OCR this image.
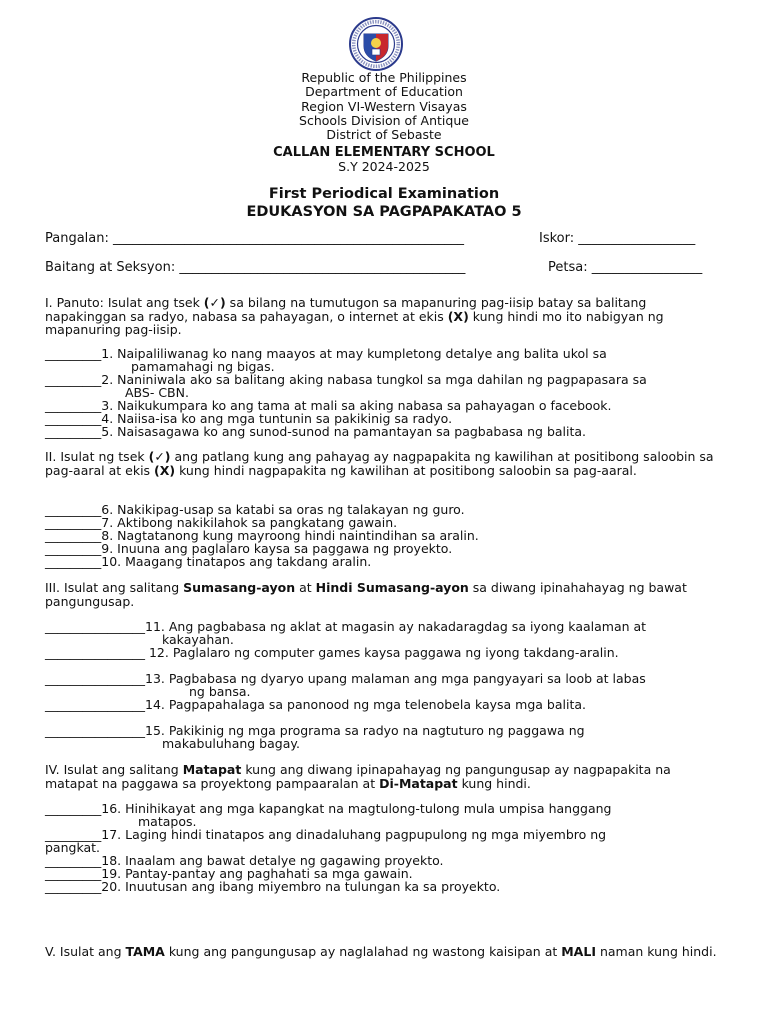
Republic of the Philippines
Department of Education
Region VI-Western Visayas
Schools Division of Antique
District of Sebaste
CALLAN ELEMENTARY SCHOOL
S.Y 2024-2025
First Periodical Examination
EDUKASYON SA PAGPAPAKATAO 5
Pangalan: ______________________________________________________	Iskor: __________________
Baitang at Seksyon: ____________________________________________	Petsa: _________________
I. Panuto: Isulat ang tsek (✓) sa bilang na tumutugon sa mapanuring pag-iisip batay sa balitang napakinggan sa radyo, nabasa sa pahayagan, o internet at ekis (X) kung hindi mo ito nabigyan ng mapanuring pag-iisip.
_________1. Naipaliliwanag ko nang maayos at may kumpletong detalye ang balita ukol sa
pamamahagi ng bigas.
_________2. Naniniwala ako sa balitang aking nabasa tungkol sa mga dahilan ng pagpapasara sa
ABS- CBN.
_________3. Naikukumpara ko ang tama at mali sa aking nabasa sa pahayagan o facebook.
_________4. Naiisa-isa ko ang mga tuntunin sa pakikinig sa radyo.
_________5. Naisasagawa ko ang sunod-sunod na pamantayan sa pagbabasa ng balita.
II. Isulat ng tsek (✓) ang patlang kung ang pahayag ay nagpapakita ng kawilihan at positibong saloobin sa pag-aaral at ekis (X) kung hindi nagpapakita ng kawilihan at positibong saloobin sa pag-aaral.
_________6. Nakikipag-usap sa katabi sa oras ng talakayan ng guro.
_________7. Aktibong nakikilahok sa pangkatang gawain.
_________8. Nagtatanong kung mayroong hindi naintindihan sa aralin.
_________9. Inuuna ang paglalaro kaysa sa paggawa ng proyekto.
_________10. Maagang tinatapos ang takdang aralin.
III. Isulat ang salitang Sumasang-ayon at Hindi Sumasang-ayon sa diwang ipinahahayag ng bawat pangungusap.
________________11. Ang pagbabasa ng aklat at magasin ay nakadaragdag sa iyong kaalaman at
kakayahan.
________________ 12. Paglalaro ng computer games kaysa paggawa ng iyong takdang-aralin.
________________13. Pagbabasa ng dyaryo upang malaman ang mga pangyayari sa loob at labas
ng bansa.
________________14. Pagpapahalaga sa panonood ng mga telenobela kaysa mga balita.
________________15. Pakikinig ng mga programa sa radyo na nagtuturo ng paggawa ng
makabuluhang bagay.
IV. Isulat ang salitang Matapat kung ang diwang ipinapahayag ng pangungusap ay nagpapakita na matapat na paggawa sa proyektong pampaaralan at Di-Matapat kung hindi.
_________16. Hinihikayat ang mga kapangkat na magtulong-tulong mula umpisa hanggang
matapos.
_________17. Laging hindi tinatapos ang dinadaluhang pagpupulong ng mga miyembro ng
pangkat.
_________18. Inaalam ang bawat detalye ng gagawing proyekto.
_________19. Pantay-pantay ang paghahati sa mga gawain.
_________20. Inuutusan ang ibang miyembro na tulungan ka sa proyekto.
V. Isulat ang TAMA kung ang pangungusap ay naglalahad ng wastong kaisipan at MALI naman kung hindi.
